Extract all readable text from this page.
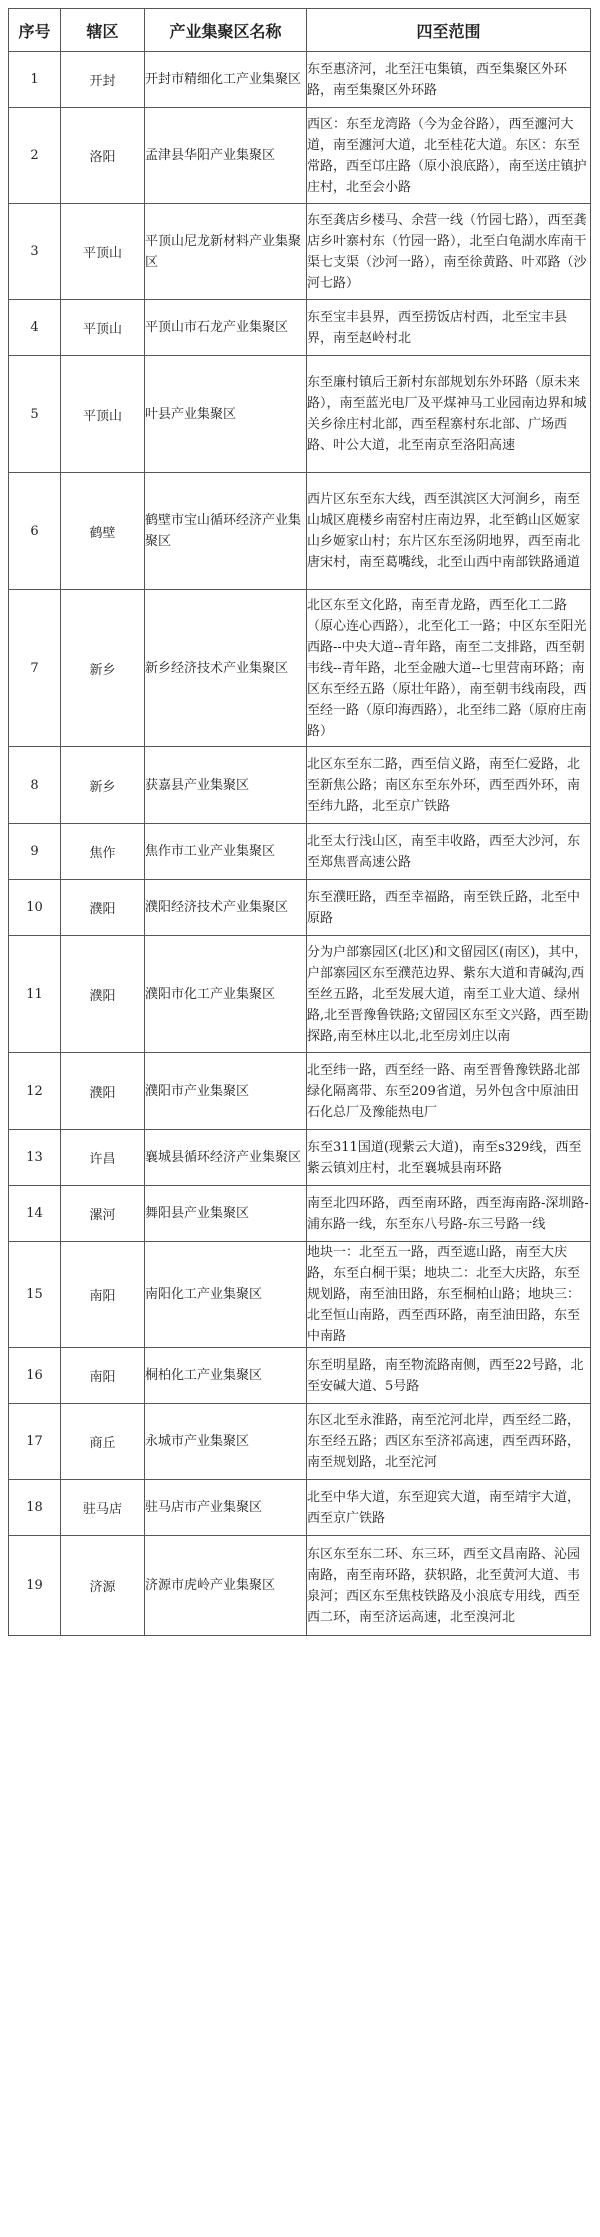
序号	辖区	产业集聚区名称	四至范围
1	开封	开封市精细化工产业集聚区	东至惠济河，北至汪屯集镇，西至集聚区外环路，南至集聚区外环路
2	洛阳	孟津县华阳产业集聚区	西区：东至龙湾路（今为金谷路），西至瀍河大道，南至瀍河大道，北至桂花大道。东区：东至常路，西至邙庄路（原小浪底路），南至送庄镇护庄村，北至会小路
3	平顶山	平顶山尼龙新材料产业集聚区	东至龚店乡楼马、余营一线（竹园七路），西至龚店乡叶寨村东（竹园一路），北至白龟湖水库南干渠七支渠（沙河一路），南至徐黄路、叶邓路（沙河七路）
4	平顶山	平顶山市石龙产业集聚区	东至宝丰县界，西至捞饭店村西，北至宝丰县界，南至赵岭村北
5	平顶山	叶县产业集聚区	东至廉村镇后王新村东部规划东外环路（原未来路），南至蓝光电厂及平煤神马工业园南边界和城关乡徐庄村北部，西至程寨村东北部、广场西路、叶公大道，北至南京至洛阳高速
6	鹤壁	鹤壁市宝山循环经济产业集聚区	西片区东至东大线，西至淇滨区大河涧乡，南至山城区鹿楼乡南窑村庄南边界，北至鹤山区姬家山乡姬家山村；东片区东至汤阴地界，西至南北唐宋村，南至葛嘴线，北至山西中南部铁路通道
7	新乡	新乡经济技术产业集聚区	北区东至文化路，南至青龙路，西至化工二路（原心连心西路），北至化工一路；中区东至阳光西路--中央大道--青年路，南至二支排路，西至朝韦线--青年路，北至金融大道--七里营南环路；南区东至经五路（原壮年路），南至朝韦线南段，西至经一路（原印海西路），北至纬二路（原府庄南路）
8	新乡	获嘉县产业集聚区	北区东至东二路，西至信义路，南至仁爱路，北至新焦公路；南区东至东外环，西至西外环，南至纬九路，北至京广铁路
9	焦作	焦作市工业产业集聚区	北至太行浅山区，南至丰收路，西至大沙河，东至郑焦晋高速公路
10	濮阳	濮阳经济技术产业集聚区	东至濮旺路，西至幸福路，南至铁丘路，北至中原路
11	濮阳	濮阳市化工产业集聚区	分为户部寨园区(北区)和文留园区(南区)，其中，户部寨园区东至濮范边界、紫东大道和青碱沟,西至丝五路，北至发展大道，南至工业大道、绿州路,北至晋豫鲁铁路;文留园区东至文兴路，西至勘探路,南至林庄以北,北至房刘庄以南
12	濮阳	濮阳市产业集聚区	北至纬一路，西至经一路、南至晋鲁豫铁路北部绿化隔离带、东至209省道，另外包含中原油田石化总厂及豫能热电厂
13	许昌	襄城县循环经济产业集聚区	东至311国道(现紫云大道)，南至s329线，西至紫云镇刘庄村，北至襄城县南环路
14	漯河	舞阳县产业集聚区	南至北四环路，西至南环路，西至海南路-深圳路-浦东路一线，东至东八号路-东三号路一线
15	南阳	南阳化工产业集聚区	地块一：北至五一路，西至遮山路，南至大庆路，东至白桐干渠；地块二：北至大庆路，东至规划路，南至油田路，东至桐柏山路；地块三：北至恒山南路，西至西环路，南至油田路，东至中南路
16	南阳	桐柏化工产业集聚区	东至明星路，南至物流路南侧，西至22号路，北至安碱大道、5号路
17	商丘	永城市产业集聚区	东区北至永淮路，南至沱河北岸，西至经二路，东至经五路；西区东至济祁高速，西至西环路，南至规划路，北至沱河
18	驻马店	驻马店市产业集聚区	北至中华大道，东至迎宾大道，南至靖宇大道，西至京广铁路
19	济源	济源市虎岭产业集聚区	东区东至东二环、东三环，西至文昌南路、沁园南路，南至南环路，获轵路，北至黄河大道、韦泉河；西区东至焦枝铁路及小浪底专用线，西至西二环，南至济运高速，北至溴河北
